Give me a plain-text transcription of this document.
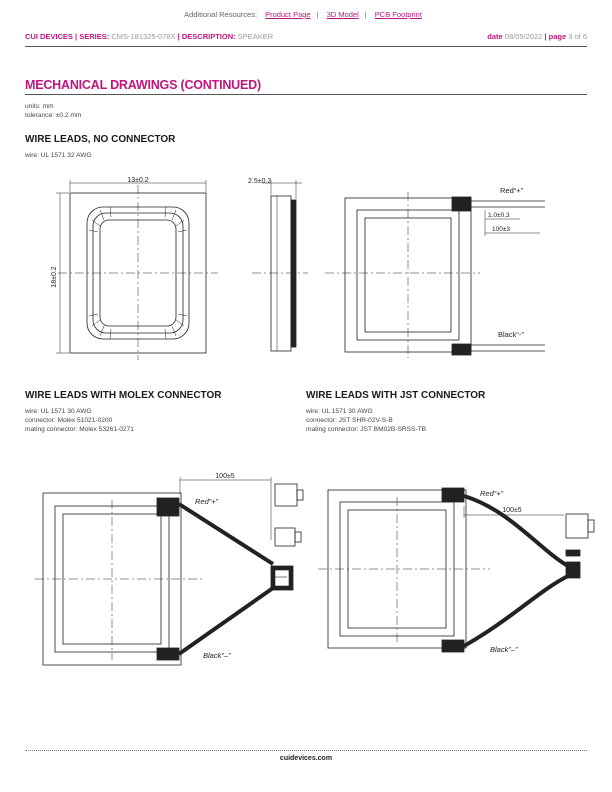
Additional Resources: Product Page | 3D Model | PCB Footprint
CUI DEVICES | SERIES: CMS-181325-078X | DESCRIPTION: SPEAKER	date 08/05/2022 | page 3 of 6
MECHANICAL DRAWINGS (CONTINUED)
units: mm
tolerance: ±0.2 mm
WIRE LEADS, NO CONNECTOR
wire: UL 1571 32 AWG
13±0.2
18±0.2
2.5±0.2
Red“+”
Black“-”
1.0±0.3
100±3
WIRE LEADS WITH MOLEX CONNECTOR
wire: UL 1571 30 AWG
connector: Molex 51021-0200
mating connector: Molex 53261-0271
WIRE LEADS WITH JST CONNECTOR
wire: UL 1571 30 AWG
connector: JST SHR-02V-S-B
mating connector: JST BM02B-SRSS-TB
100±5
Red”+”
Black”–”
100±5
Red”+”
Black”–”
cuidevices.com
